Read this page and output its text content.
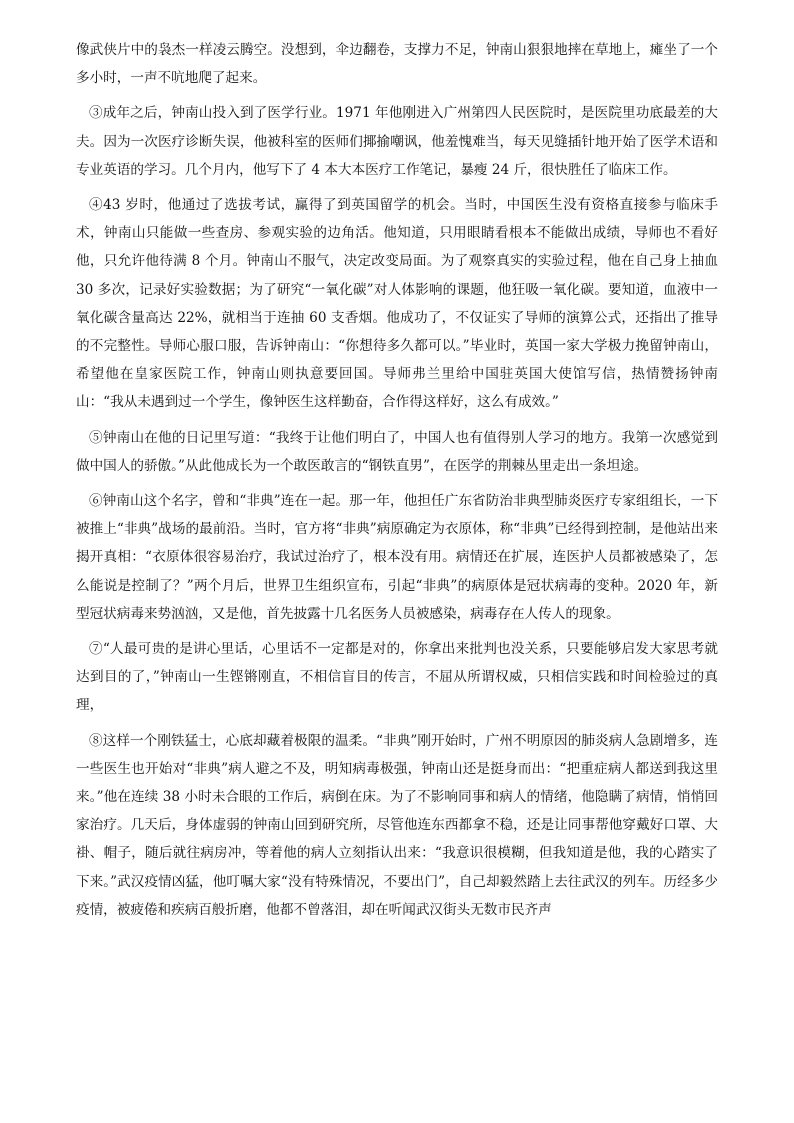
像武侠片中的袅杰一样凌云腾空。没想到，伞边翻卷，支撑力不足，钟南山狠狠地摔在草地上，瘫坐了一个多小时，一声不吭地爬了起来。

③成年之后，钟南山投入到了医学行业。1971 年他刚进入广州第四人民医院时，是医院里功底最差的大夫。因为一次医疗诊断失误，他被科室的医师们揶揄嘲讽，他羞愧难当，每天见缝插针地开始了医学术语和专业英语的学习。几个月内，他写下了 4 本大本医疗工作笔记，暴瘦 24 斤，很快胜任了临床工作。

④43 岁时，他通过了选拔考试，赢得了到英国留学的机会。当时，中国医生没有资格直接参与临床手术，钟南山只能做一些查房、参观实验的边角活。他知道，只用眼睛看根本不能做出成绩，导师也不看好他，只允许他待满 8 个月。钟南山不服气，决定改变局面。为了观察真实的实验过程，他在自己身上抽血 30 多次，记录好实验数据；为了研究“一氧化碳”对人体影响的课题，他狂吸一氧化碳。要知道，血液中一氧化碳含量高达 22%，就相当于连抽 60 支香烟。他成功了，不仅证实了导师的演算公式，还指出了推导的不完整性。导师心服口服，告诉钟南山：“你想待多久都可以。”毕业时，英国一家大学极力挽留钟南山，希望他在皇家医院工作，钟南山则执意要回国。导师弗兰里给中国驻英国大使馆写信，热情赞扬钟南山：“我从未遇到过一个学生，像钟医生这样勤奋，合作得这样好，这么有成效。”

⑤钟南山在他的日记里写道：“我终于让他们明白了，中国人也有值得别人学习的地方。我第一次感觉到做中国人的骄傲。”从此他成长为一个敢医敢言的“钢铁直男”，在医学的荆棘丛里走出一条坦途。

⑥钟南山这个名字，曾和“非典”连在一起。那一年，他担任广东省防治非典型肺炎医疗专家组组长，一下被推上“非典”战场的最前沿。当时，官方将“非典”病原确定为衣原体，称“非典”已经得到控制，是他站出来揭开真相：“衣原体很容易治疗，我试过治疗了，根本没有用。病情还在扩展，连医护人员都被感染了，怎么能说是控制了？”两个月后，世界卫生组织宣布，引起“非典”的病原体是冠状病毒的变种。2020 年，新型冠状病毒来势汹汹，又是他，首先披露十几名医务人员被感染，病毒存在人传人的现象。

⑦“人最可贵的是讲心里话，心里话不一定都是对的，你拿出来批判也没关系，只要能够启发大家思考就达到目的了，”钟南山一生铿锵刚直，不相信盲目的传言，不屈从所谓权威，只相信实践和时间检验过的真理，

⑧这样一个刚铁猛士，心底却藏着极限的温柔。“非典”刚开始时，广州不明原因的肺炎病人急剧增多，连一些医生也开始对“非典”病人避之不及，明知病毒极强，钟南山还是挺身而出：“把重症病人都送到我这里来。”他在连续 38 小时未合眼的工作后，病倒在床。为了不影响同事和病人的情绪，他隐瞒了病情，悄悄回家治疗。几天后，身体虚弱的钟南山回到研究所，尽管他连东西都拿不稳，还是让同事帮他穿戴好口罩、大褂、帽子，随后就往病房冲，等着他的病人立刻指认出来：“我意识很模糊，但我知道是他，我的心踏实了下来。”武汉疫情凶猛，他叮嘱大家“没有特殊情况，不要出门”，自己却毅然踏上去往武汉的列车。历经多少疫情，被疲倦和疾病百般折磨，他都不曾落泪，却在听闻武汉街头无数市民齐声
